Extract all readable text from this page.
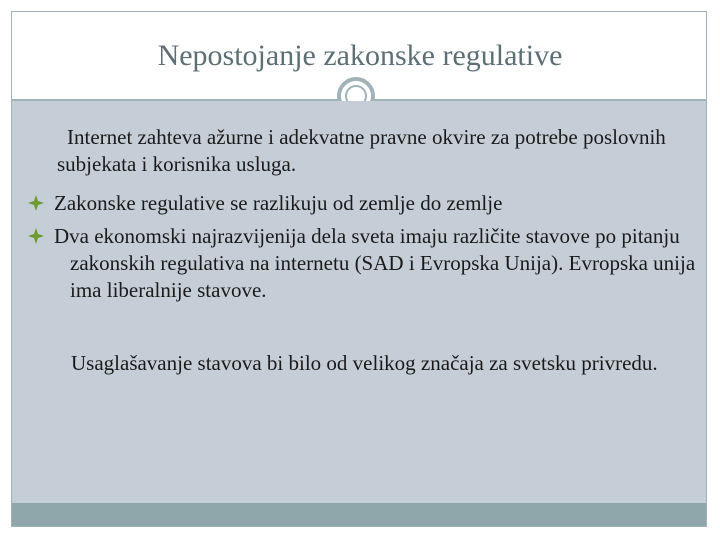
Nepostojanje zakonske regulative

Internet zahteva ažurne i adekvatne pravne okvire za potrebe poslovnih subjekata i korisnika usluga.

Zakonske regulative se razlikuju od zemlje do zemlje

Dva ekonomski najrazvijenija dela sveta imaju različite stavove po pitanju zakonskih regulativa na internetu (SAD i Evropska Unija). Evropska unija ima liberalnije stavove.

Usaglašavanje stavova bi bilo od velikog značaja za svetsku privredu.
